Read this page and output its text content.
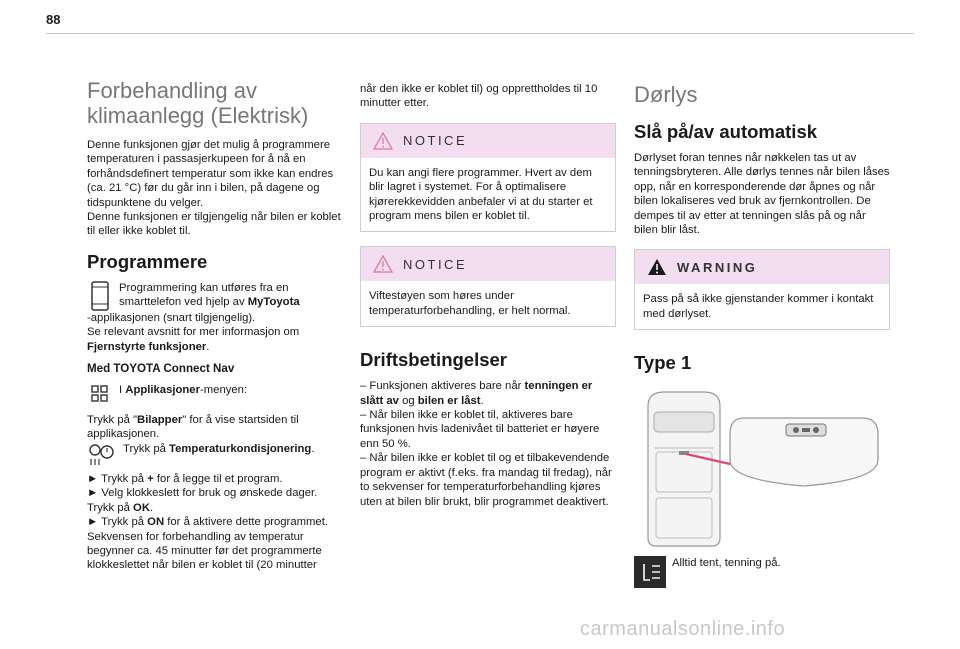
88
Forbehandling av klimaanlegg (Elektrisk)

Denne funksjonen gjør det mulig å programmere temperaturen i passasjerkupeen for å nå en forhåndsdefinert temperatur som ikke kan endres (ca. 21 °C) før du går inn i bilen, på dagene og tidspunktene du velger.

Denne funksjonen er tilgjengelig når bilen er koblet til eller ikke koblet til.

Programmere

Programmering kan utføres fra en smarttelefon ved hjelp av MyToyota

-applikasjonen (snart tilgjengelig).

Se relevant avsnitt for mer informasjon om Fjernstyrte funksjoner.

Med TOYOTA Connect Nav

I Applikasjoner-menyen:

Trykk på "Bilapper" for å vise startsiden til applikasjonen.

Trykk på Temperaturkondisjonering.

► Trykk på + for å legge til et program.

► Velg klokkeslett for bruk og ønskede dager.

Trykk på OK.

► Trykk på ON for å aktivere dette programmet.

Sekvensen for forbehandling av temperatur begynner ca. 45 minutter før det programmerte klokkeslettet når bilen er koblet til (20 minutter

når den ikke er koblet til) og opprettholdes til 10 minutter etter.

NOTICE

Du kan angi flere programmer. Hvert av dem blir lagret i systemet. For å optimalisere kjørerekkevidden anbefaler vi at du starter et program mens bilen er koblet til.

NOTICE

Viftestøyen som høres under temperaturforbehandling, er helt normal.

Driftsbetingelser

– Funksjonen aktiveres bare når tenningen er slått av og bilen er låst.

– Når bilen ikke er koblet til, aktiveres bare funksjonen hvis ladenivået til batteriet er høyere enn 50 %.

– Når bilen ikke er koblet til og et tilbakevendende program er aktivt (f.eks. fra mandag til fredag), når to sekvenser for temperaturforbehandling kjøres uten at bilen blir brukt, blir programmet deaktivert.

Dørlys
Slå på/av automatisk

Dørlyset foran tennes når nøkkelen tas ut av tenningsbryteren. Alle dørlys tennes når bilen låses opp, når en korresponderende dør åpnes og når bilen lokaliseres ved bruk av fjernkontrollen. De dempes til av etter at tenningen slås på og når bilen blir låst.

WARNING

Pass på så ikke gjenstander kommer i kontakt med dørlyset.

Type 1

Alltid tent, tenning på.

carmanualsonline.info
